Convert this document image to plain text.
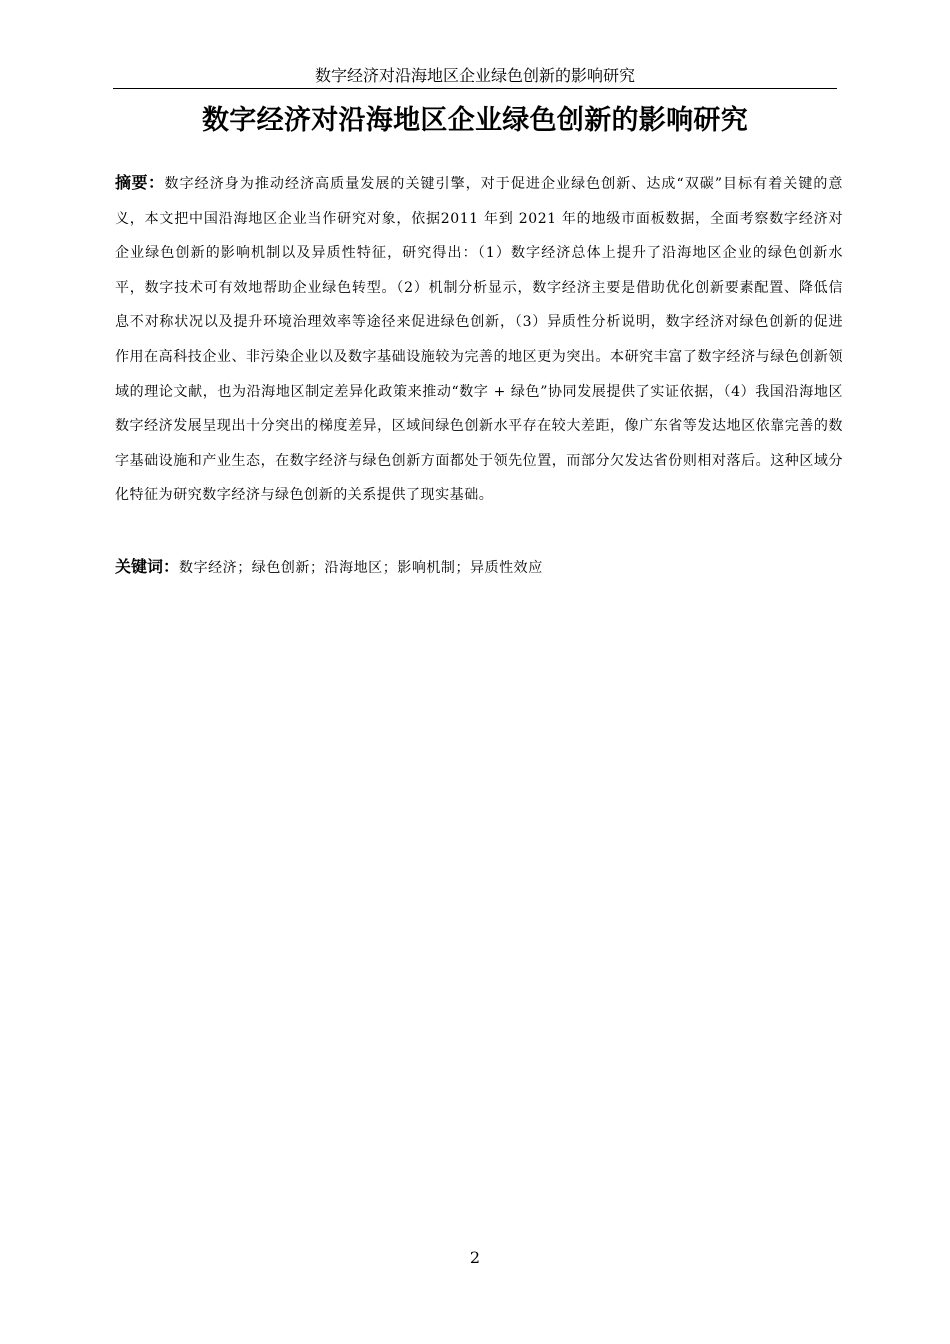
数字经济对沿海地区企业绿色创新的影响研究
数字经济对沿海地区企业绿色创新的影响研究

摘要：数字经济身为推动经济高质量发展的关键引擎，对于促进企业绿色创新、达成“双碳”目标有着关键的意义，本文把中国沿海地区企业当作研究对象，依据2011 年到 2021 年的地级市面板数据，全面考察数字经济对企业绿色创新的影响机制以及异质性特征，研究得出：（1）数字经济总体上提升了沿海地区企业的绿色创新水平，数字技术可有效地帮助企业绿色转型。（2）机制分析显示，数字经济主要是借助优化创新要素配置、降低信息不对称状况以及提升环境治理效率等途径来促进绿色创新，（3）异质性分析说明，数字经济对绿色创新的促进作用在高科技企业、非污染企业以及数字基础设施较为完善的地区更为突出。本研究丰富了数字经济与绿色创新领域的理论文献，也为沿海地区制定差异化政策来推动“数字 + 绿色”协同发展提供了实证依据，（4）我国沿海地区数字经济发展呈现出十分突出的梯度差异，区域间绿色创新水平存在较大差距，像广东省等发达地区依靠完善的数字基础设施和产业生态，在数字经济与绿色创新方面都处于领先位置，而部分欠发达省份则相对落后。这种区域分化特征为研究数字经济与绿色创新的关系提供了现实基础。

关键词：数字经济；绿色创新；沿海地区；影响机制；异质性效应

2
